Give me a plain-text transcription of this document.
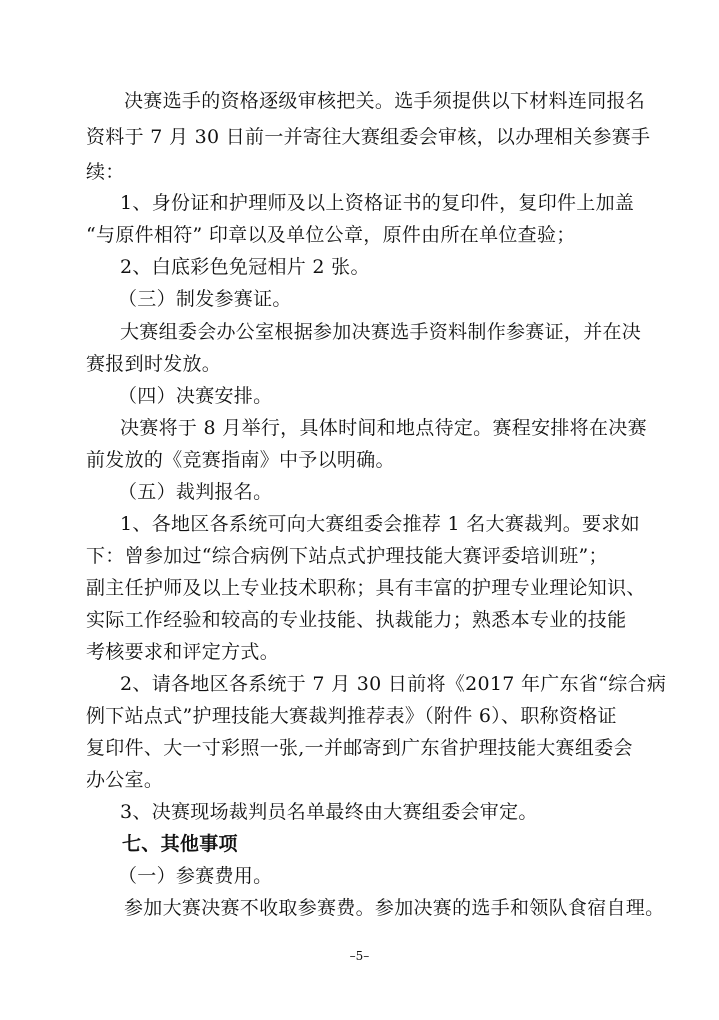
决赛选手的资格逐级审核把关。选手须提供以下材料连同报名
资料于 7 月 30 日前一并寄往大赛组委会审核，以办理相关参赛手
续：
1、身份证和护理师及以上资格证书的复印件，复印件上加盖
“与原件相符” 印章以及单位公章，原件由所在单位查验；
2、白底彩色免冠相片 2 张。
（三）制发参赛证。
大赛组委会办公室根据参加决赛选手资料制作参赛证，并在决
赛报到时发放。
（四）决赛安排。
决赛将于 8 月举行，具体时间和地点待定。赛程安排将在决赛
前发放的《竞赛指南》中予以明确。
（五）裁判报名。
1、各地区各系统可向大赛组委会推荐 1 名大赛裁判。要求如
下：曾参加过“综合病例下站点式护理技能大赛评委培训班”；
副主任护师及以上专业技术职称；具有丰富的护理专业理论知识、
实际工作经验和较高的专业技能、执裁能力；熟悉本专业的技能
考核要求和评定方式。
2、请各地区各系统于 7 月 30 日前将《2017 年广东省“综合病
例下站点式”护理技能大赛裁判推荐表》（附件 6）、职称资格证
复印件、大一寸彩照一张,一并邮寄到广东省护理技能大赛组委会
办公室。
3、决赛现场裁判员名单最终由大赛组委会审定。
七、其他事项
（一）参赛费用。
参加大赛决赛不收取参赛费。参加决赛的选手和领队食宿自理。
–5–
